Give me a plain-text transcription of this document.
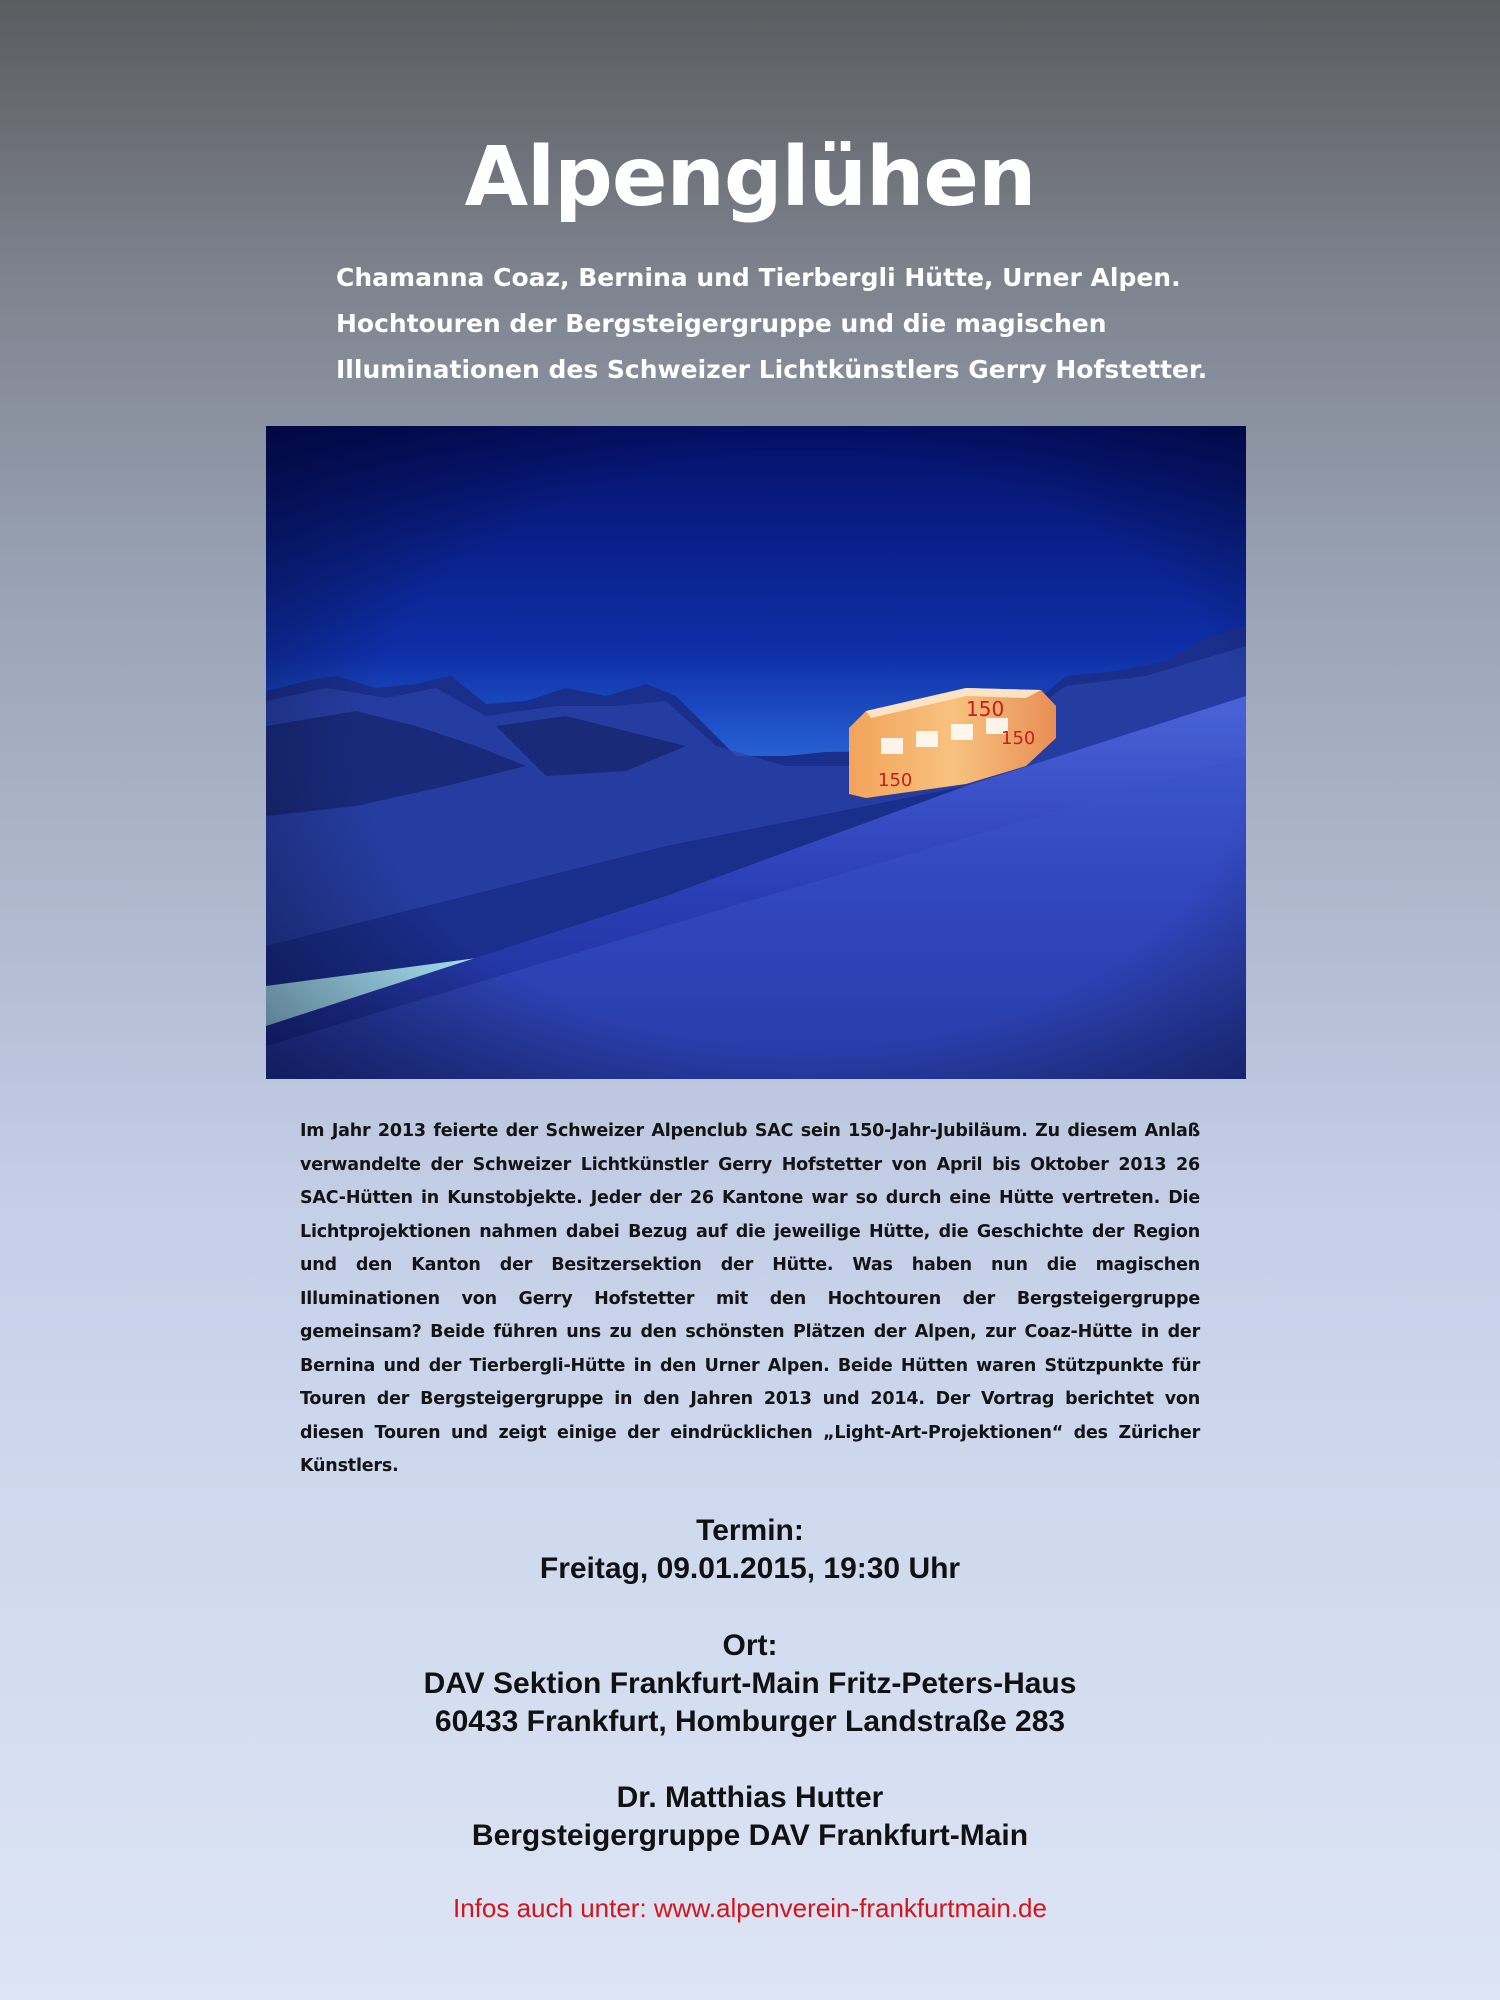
Alpenglühen
Chamanna Coaz, Bernina und Tierbergli Hütte, Urner Alpen.
Hochtouren der Bergsteigergruppe und die magischen
Illuminationen des Schweizer Lichtkünstlers Gerry Hofstetter.
Im Jahr 2013 feierte der Schweizer Alpenclub SAC sein 150-Jahr-Jubiläum. Zu diesem Anlaß verwandelte der Schweizer Lichtkünstler Gerry Hofstetter von April bis Oktober 2013 26 SAC-Hütten in Kunstobjekte. Jeder der 26 Kantone war so durch eine Hütte vertreten. Die Lichtprojektionen nahmen dabei Bezug auf die jeweilige Hütte, die Geschichte der Region und den Kanton der Besitzersektion der Hütte. Was haben nun die magischen Illuminationen von Gerry Hofstetter mit den Hochtouren der Bergsteigergruppe gemeinsam? Beide führen uns zu den schönsten Plätzen der Alpen, zur Coaz-Hütte in der Bernina und der Tierbergli-Hütte in den Urner Alpen. Beide Hütten waren Stützpunkte für Touren der Bergsteigergruppe in den Jahren 2013 und 2014. Der Vortrag berichtet von diesen Touren und zeigt einige der eindrücklichen „Light-Art-Projektionen“ des Züricher Künstlers.
Termin:
Freitag, 09.01.2015, 19:30 Uhr
Ort:
DAV Sektion Frankfurt-Main Fritz-Peters-Haus
60433 Frankfurt, Homburger Landstraße 283
Dr. Matthias Hutter
Bergsteigergruppe DAV Frankfurt-Main
Infos auch unter: www.alpenverein-frankfurtmain.de
